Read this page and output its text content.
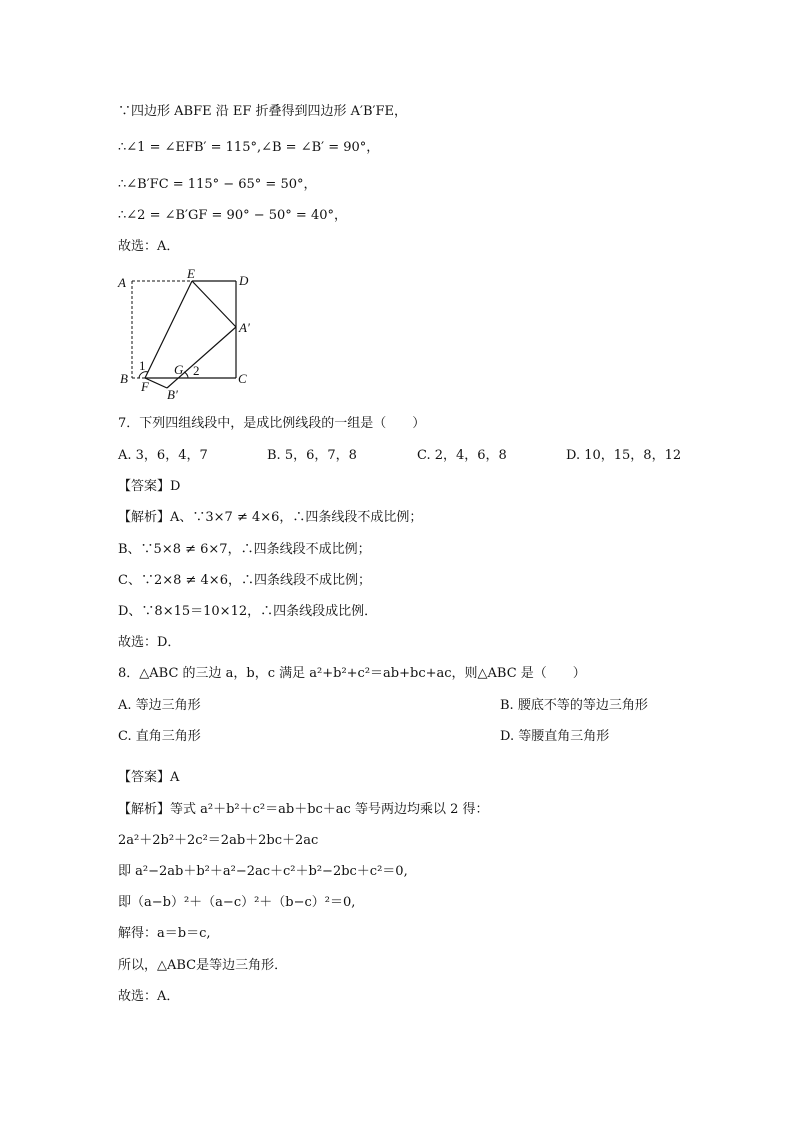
∵四边形 ABFE 沿 EF 折叠得到四边形 A′B′FE，
∴∠1 = ∠EFB′ = 115°,∠B = ∠B′ = 90°，
∴∠B′FC = 115° − 65° = 50°，
∴∠2 = ∠B′GF = 90° − 50° = 40°，
故选：A．
A
E	D
A′
1
B
F
G 2
C
B′
7．下列四组线段中，是成比例线段的一组是（　　）
A. 3，6，4，7	B. 5，6，7，8	C. 2，4，6，8	D. 10，15，8，12
【答案】D
【解析】A、∵3×7 ≠ 4×6，∴四条线段不成比例；
B、∵5×8 ≠ 6×7，∴四条线段不成比例；
C、∵2×8 ≠ 4×6，∴四条线段不成比例；
D、∵8×15＝10×12，∴四条线段成比例．
故选：D．
8．△ABC 的三边 a，b，c 满足 a²+b²+c²＝ab+bc+ac，则△ABC 是（　　）
A. 等边三角形	B. 腰底不等的等边三角形
C. 直角三角形	D. 等腰直角三角形
【答案】A
【解析】等式 a²＋b²＋c²＝ab＋bc＋ac 等号两边均乘以 2 得：
2a²＋2b²＋2c²＝2ab＋2bc＋2ac
即 a²−2ab＋b²＋a²−2ac＋c²＋b²−2bc＋c²＝0,
即（a−b）²＋（a−c）²＋（b−c）²＝0,
解得：a＝b＝c,
所以，△ABC是等边三角形．
故选：A．
